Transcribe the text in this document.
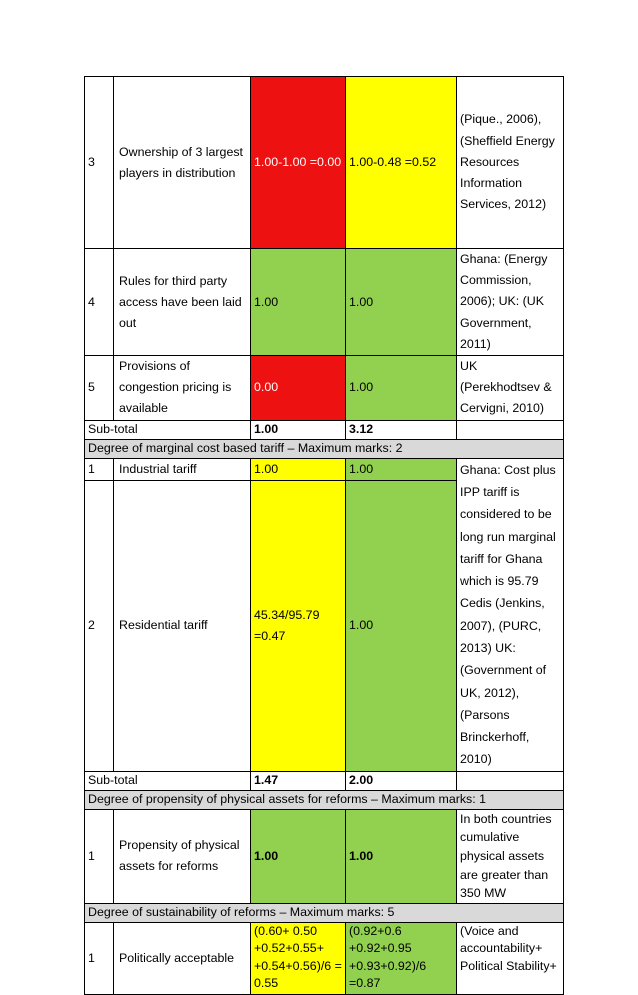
3	Ownership of 3 largest players in distribution	1.00-1.00 =0.00	1.00-0.48 =0.52	(Pique., 2006), (Sheffield Energy Resources Information Services, 2012)
4	Rules for third party access have been laid out	1.00	1.00	Ghana: (Energy Commission, 2006); UK: (UK Government, 2011)
5	Provisions of congestion pricing is available	0.00	1.00	UK (Perekhodtsev & Cervigni, 2010)
Sub-total		1.00	3.12	
Degree of marginal cost based tariff – Maximum marks: 2				
1	Industrial tariff	1.00	1.00	Ghana: Cost plus IPP tariff is considered to be long run marginal tariff for Ghana which is 95.79 Cedis (Jenkins, 2007), (PURC, 2013) UK: (Government of UK, 2012), (Parsons Brinckerhoff, 2010)
2	Residential tariff	45.34/95.79 =0.47	1.00	
Sub-total		1.47	2.00	
Degree of propensity of physical assets for reforms – Maximum marks: 1				
1	Propensity of physical assets for reforms	1.00	1.00	In both countries cumulative physical assets are greater than 350 MW
Degree of sustainability of reforms – Maximum marks: 5				
1	Politically acceptable	(0.60+ 0.50 +0.52+0.55+ +0.54+0.56)/6 = 0.55	(0.92+0.6 +0.92+0.95 +0.93+0.92)/6 =0.87	(Voice and accountability+ Political Stability+
